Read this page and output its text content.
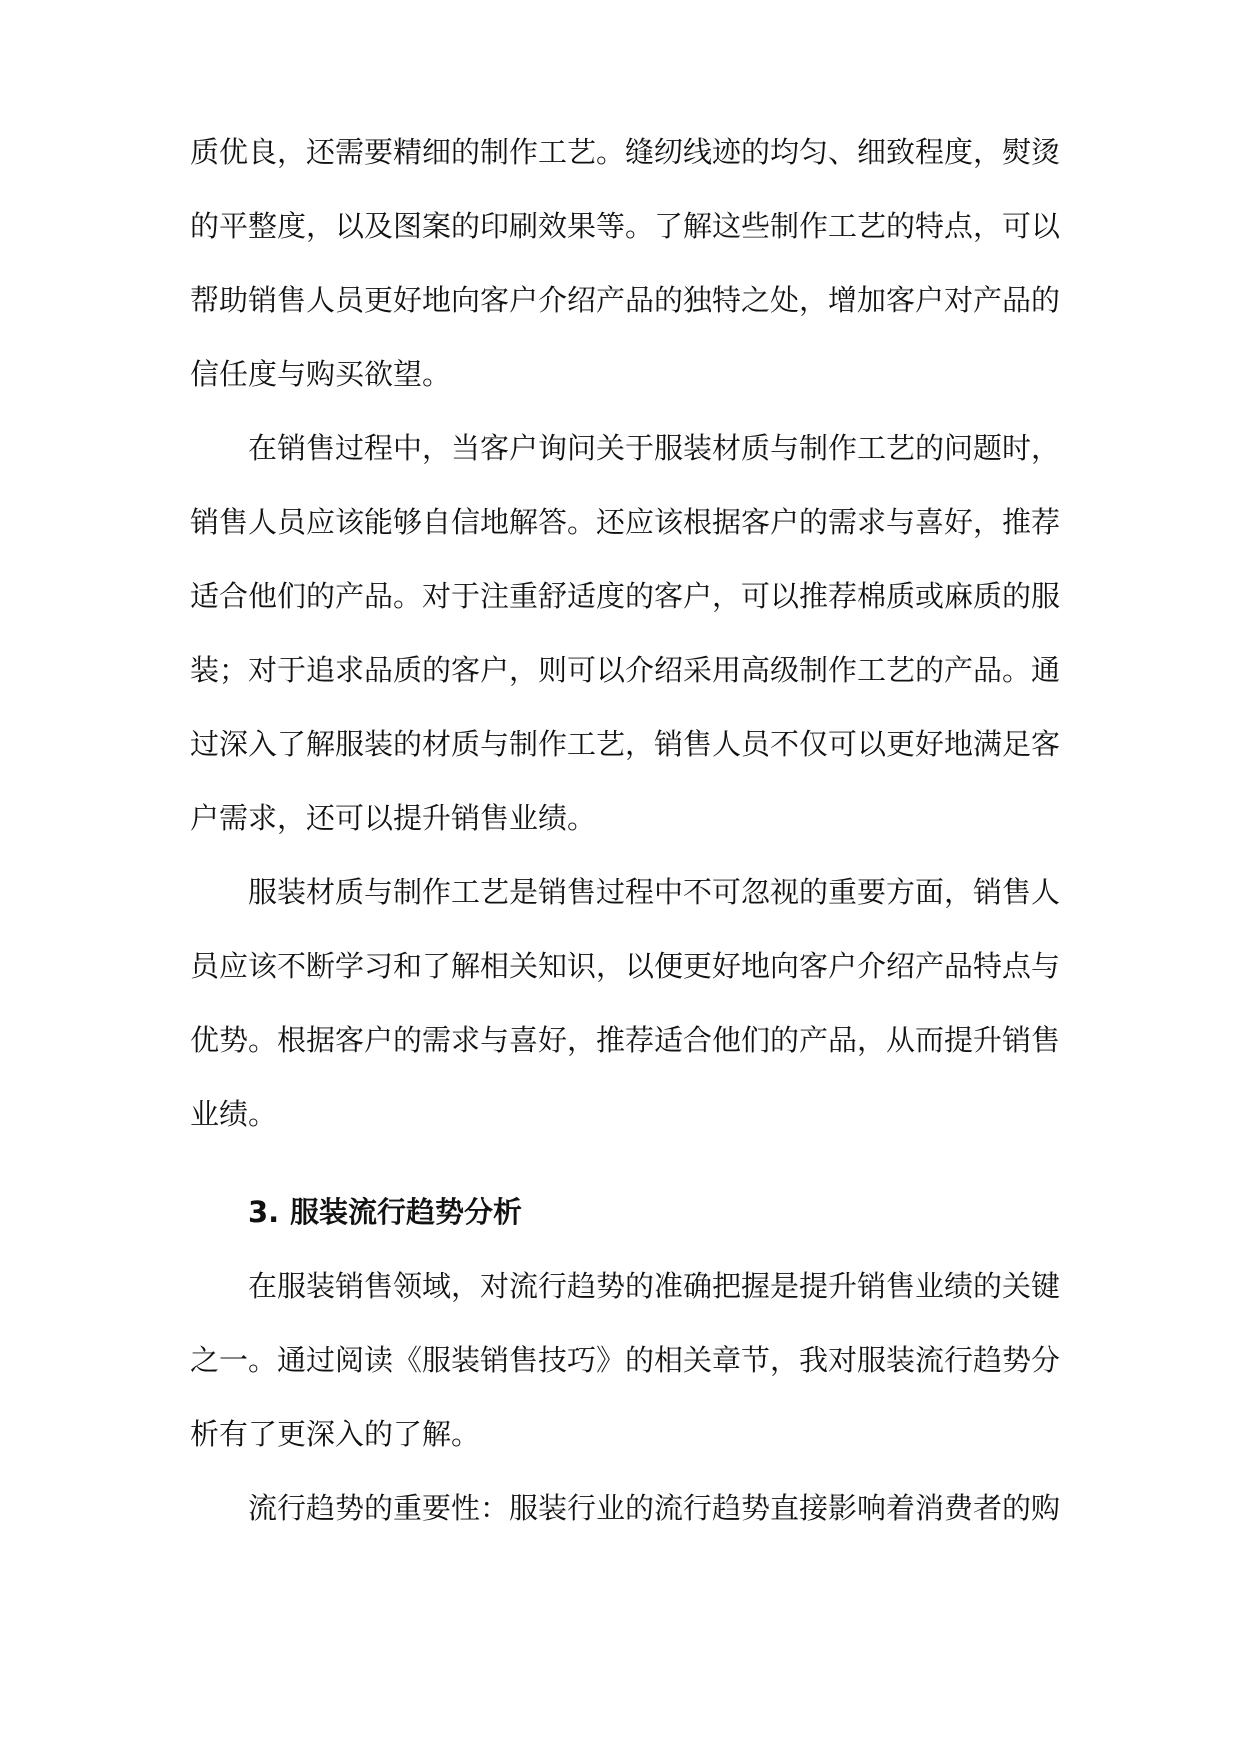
质优良，还需要精细的制作工艺。缝纫线迹的均匀、细致程度，熨烫
的平整度，以及图案的印刷效果等。了解这些制作工艺的特点，可以
帮助销售人员更好地向客户介绍产品的独特之处，增加客户对产品的
信任度与购买欲望。
在销售过程中，当客户询问关于服装材质与制作工艺的问题时，
销售人员应该能够自信地解答。还应该根据客户的需求与喜好，推荐
适合他们的产品。对于注重舒适度的客户，可以推荐棉质或麻质的服
装；对于追求品质的客户，则可以介绍采用高级制作工艺的产品。通
过深入了解服装的材质与制作工艺，销售人员不仅可以更好地满足客
户需求，还可以提升销售业绩。
服装材质与制作工艺是销售过程中不可忽视的重要方面，销售人
员应该不断学习和了解相关知识，以便更好地向客户介绍产品特点与
优势。根据客户的需求与喜好，推荐适合他们的产品，从而提升销售
业绩。
3. 服装流行趋势分析
在服装销售领域，对流行趋势的准确把握是提升销售业绩的关键
之一。通过阅读《服装销售技巧》的相关章节，我对服装流行趋势分
析有了更深入的了解。
流行趋势的重要性：服装行业的流行趋势直接影响着消费者的购
